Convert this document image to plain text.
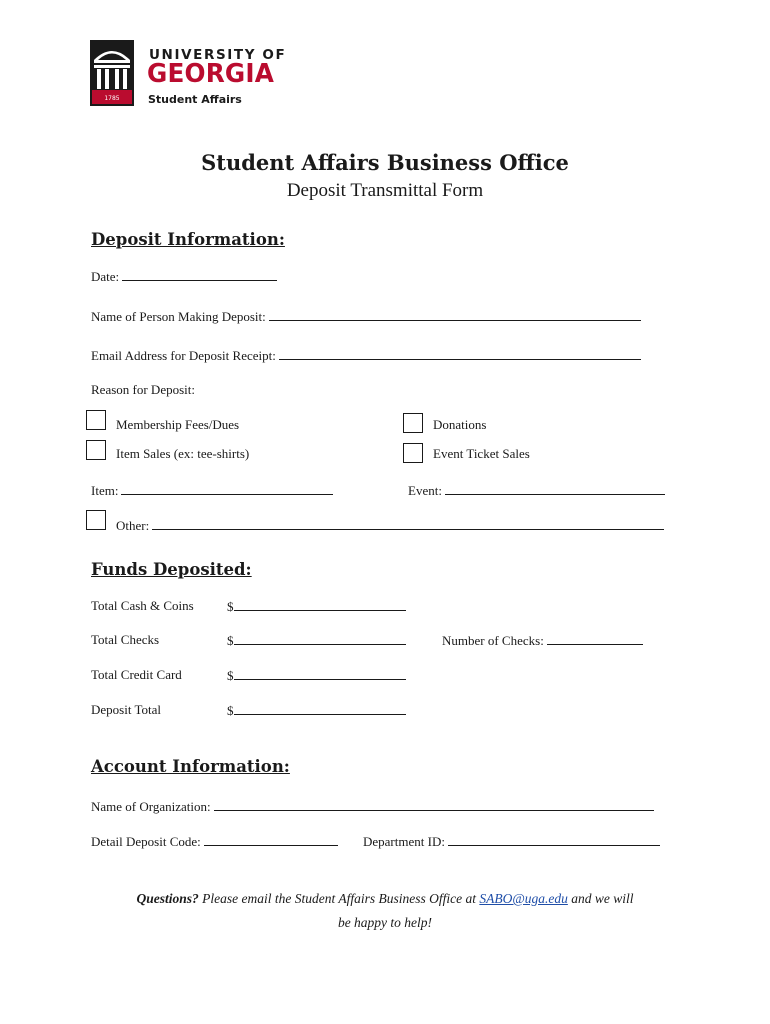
1785
UNIVERSITY OF
GEORGIA
Student Affairs
Student Affairs Business Office
Deposit Transmittal Form
Deposit Information:
Date:
Name of Person Making Deposit:
Email Address for Deposit Receipt:
Reason for Deposit:
Membership Fees/Dues	Donations
Item Sales (ex: tee-shirts)	Event Ticket Sales
Item:	Event:
Other:
Funds Deposited:
Total Cash & Coins	$
Total Checks	$	Number of Checks:
Total Credit Card	$
Deposit Total	$
Account Information:
Name of Organization:
Detail Deposit Code:	Department ID:
Questions? Please email the Student Affairs Business Office at SABO@uga.edu and we will
be happy to help!
